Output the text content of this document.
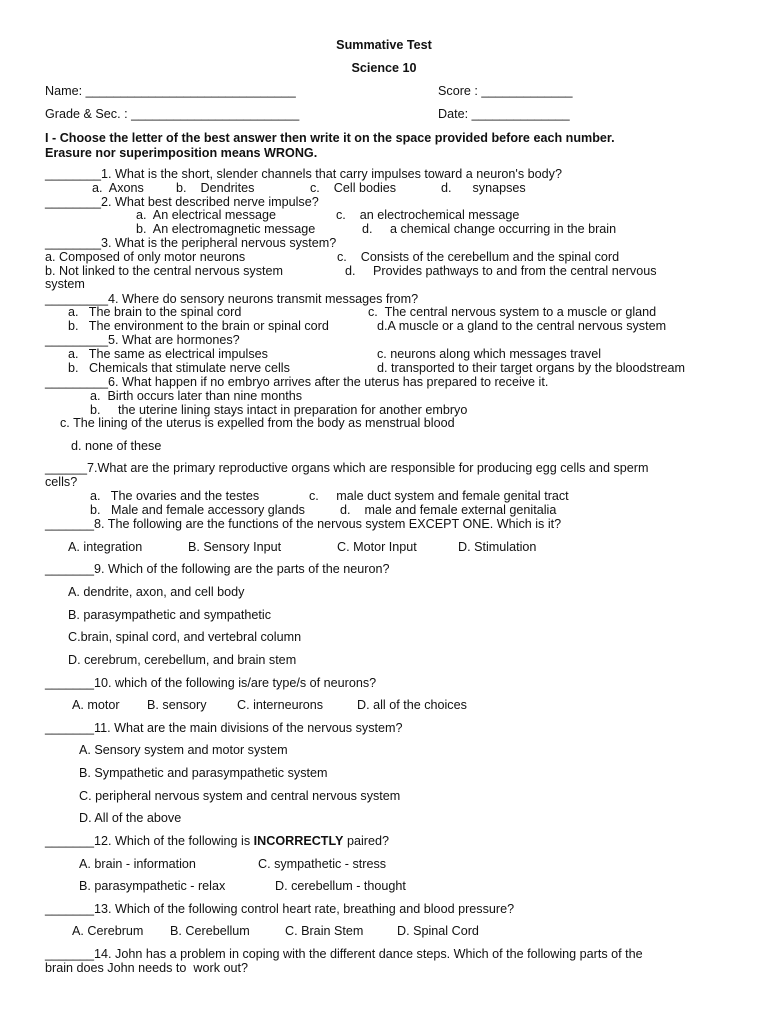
Summative Test
Science 10
Name: ______________________________	Score : _____________
Grade & Sec. : ________________________	Date: ______________
I - Choose the letter of the best answer then write it on the space provided before each number.
Erasure nor superimposition means WRONG.
________1. What is the short, slender channels that carry impulses toward a neuron's body?
a.  Axons	b.    Dendrites	c.    Cell bodies	d.      synapses
________2. What best described nerve impulse?
a.  An electrical message	c.    an electrochemical message
b.  An electromagnetic message	d.     a chemical change occurring in the brain
________3. What is the peripheral nervous system?
a. Composed of only motor neurons	c.    Consists of the cerebellum and the spinal cord
b. Not linked to the central nervous system	d.     Provides pathways to and from the central nervous
system
_________4. Where do sensory neurons transmit messages from?
a.   The brain to the spinal cord	c.  The central nervous system to a muscle or gland
b.   The environment to the brain or spinal cord	d.A muscle or a gland to the central nervous system
_________5. What are hormones?
a.   The same as electrical impulses	c. neurons along which messages travel
b.   Chemicals that stimulate nerve cells	d. transported to their target organs by the bloodstream
_________6. What happen if no embryo arrives after the uterus has prepared to receive it.
a.  Birth occurs later than nine months
b.     the uterine lining stays intact in preparation for another embryo
c. The lining of the uterus is expelled from the body as menstrual blood
d. none of these
______7.What are the primary reproductive organs which are responsible for producing egg cells and sperm
cells?
a.   The ovaries and the testes	c.     male duct system and female genital tract
b.   Male and female accessory glands	d.    male and female external genitalia
_______8. The following are the functions of the nervous system EXCEPT ONE. Which is it?
A. integration	B. Sensory Input	C. Motor Input	D. Stimulation
_______9. Which of the following are the parts of the neuron?
A. dendrite, axon, and cell body
B. parasympathetic and sympathetic
C.brain, spinal cord, and vertebral column
D. cerebrum, cerebellum, and brain stem
_______10. which of the following is/are type/s of neurons?
A. motor B. sensory C. interneurons	D. all of the choices
_______11. What are the main divisions of the nervous system?
A. Sensory system and motor system
B. Sympathetic and parasympathetic system
C. peripheral nervous system and central nervous system
D. All of the above
_______12. Which of the following is INCORRECTLY paired?
A. brain - information	C. sympathetic - stress
B. parasympathetic - relax	D. cerebellum - thought
_______13. Which of the following control heart rate, breathing and blood pressure?
A. Cerebrum B. Cerebellum	C. Brain Stem	D. Spinal Cord
_______14. John has a problem in coping with the different dance steps. Which of the following parts of the
brain does John needs to  work out?
